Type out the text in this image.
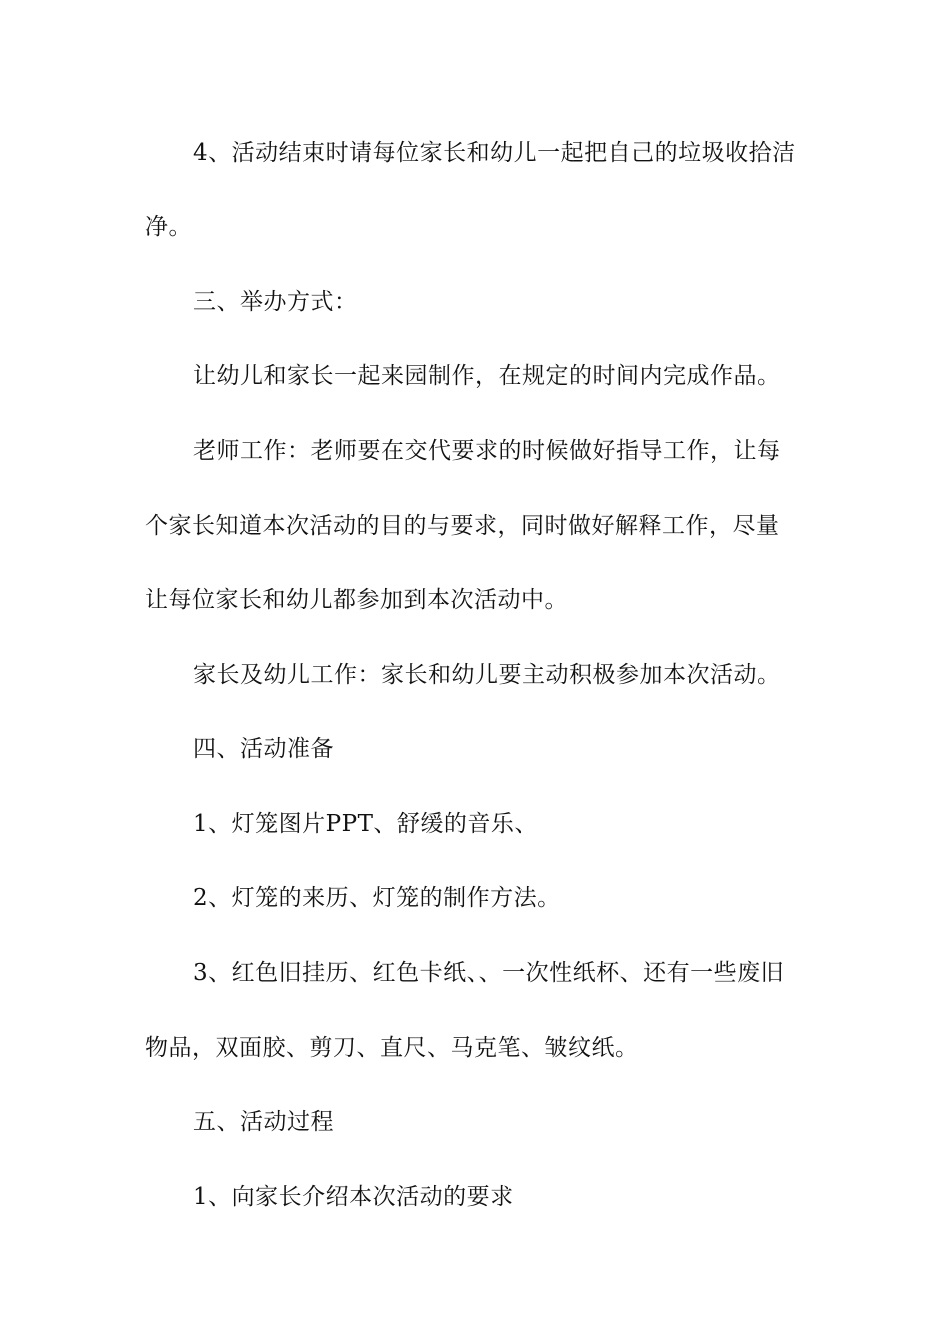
4、活动结束时请每位家长和幼儿一起把自己的垃圾收拾洁
净。
三、举办方式：
让幼儿和家长一起来园制作，在规定的时间内完成作品。
老师工作：老师要在交代要求的时候做好指导工作，让每
个家长知道本次活动的目的与要求，同时做好解释工作，尽量
让每位家长和幼儿都参加到本次活动中。
家长及幼儿工作：家长和幼儿要主动积极参加本次活动。
四、活动准备
1、灯笼图片PPT、舒缓的音乐、
2、灯笼的来历、灯笼的制作方法。
3、红色旧挂历、红色卡纸、、一次性纸杯、还有一些废旧
物品，双面胶、剪刀、直尺、马克笔、皱纹纸。
五、活动过程
1、向家长介绍本次活动的要求
